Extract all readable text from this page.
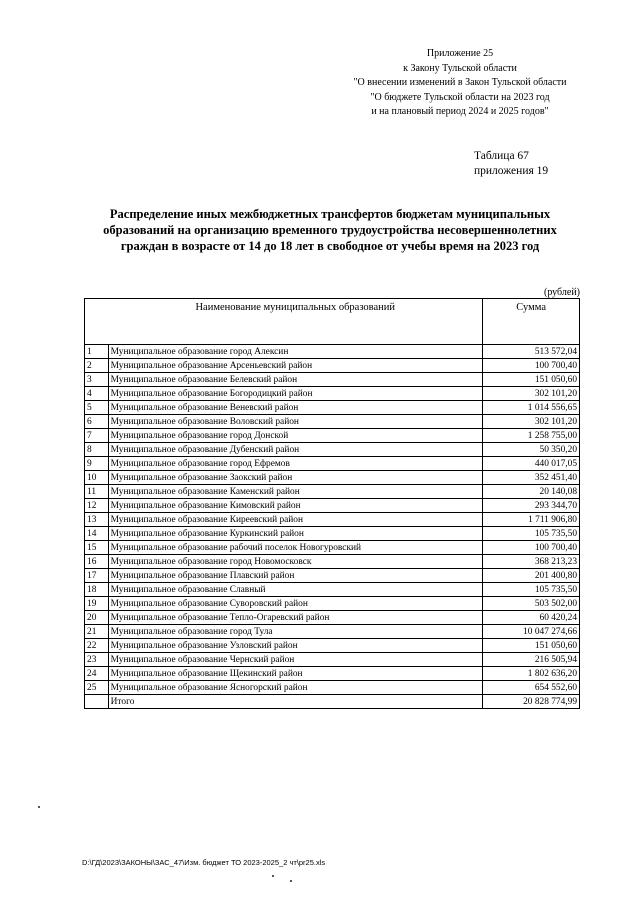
Приложение 25
к Закону Тульской области
"О внесении изменений в Закон Тульской области
"О бюджете Тульской области на 2023 год
и на плановый период 2024 и 2025 годов"
Таблица 67
приложения 19
Распределение иных межбюджетных трансфертов бюджетам муниципальных
образований на организацию временного трудоустройства несовершеннолетних
граждан в возрасте от 14 до 18 лет в свободное от учебы время на 2023 год
(рублей)
	Наименование муниципальных образований	Сумма
1	Муниципальное образование город Алексин	513 572,04
2	Муниципальное образование Арсеньевский район	100 700,40
3	Муниципальное образование Белевский район	151 050,60
4	Муниципальное образование Богородицкий район	302 101,20
5	Муниципальное образование Веневский район	1 014 556,65
6	Муниципальное образование Воловский район	302 101,20
7	Муниципальное образование город Донской	1 258 755,00
8	Муниципальное образование Дубенский район	50 350,20
9	Муниципальное образование город Ефремов	440 017,05
10	Муниципальное образование Заокский район	352 451,40
11	Муниципальное образование Каменский район	20 140,08
12	Муниципальное образование Кимовский район	293 344,70
13	Муниципальное образование Киреевский район	1 711 906,80
14	Муниципальное образование Куркинский район	105 735,50
15	Муниципальное образование рабочий поселок Новогуровский	100 700,40
16	Муниципальное образование город Новомосковск	368 213,23
17	Муниципальное образование Плавский район	201 400,80
18	Муниципальное образование Славный	105 735,50
19	Муниципальное образование Суворовский район	503 502,00
20	Муниципальное образование Тепло-Огаревский район	60 420,24
21	Муниципальное образование город Тула	10 047 274,66
22	Муниципальное образование Узловский район	151 050,60
23	Муниципальное образование Чернский район	216 505,94
24	Муниципальное образование Щекинский район	1 802 636,20
25	Муниципальное образование Ясногорский район	654 552,60
	Итого	20 828 774,99
D:\ГД\2023\ЗАКОНЫ\ЗАС_47\Изм. бюджет ТО 2023-2025_2 чт\pr25.xls
